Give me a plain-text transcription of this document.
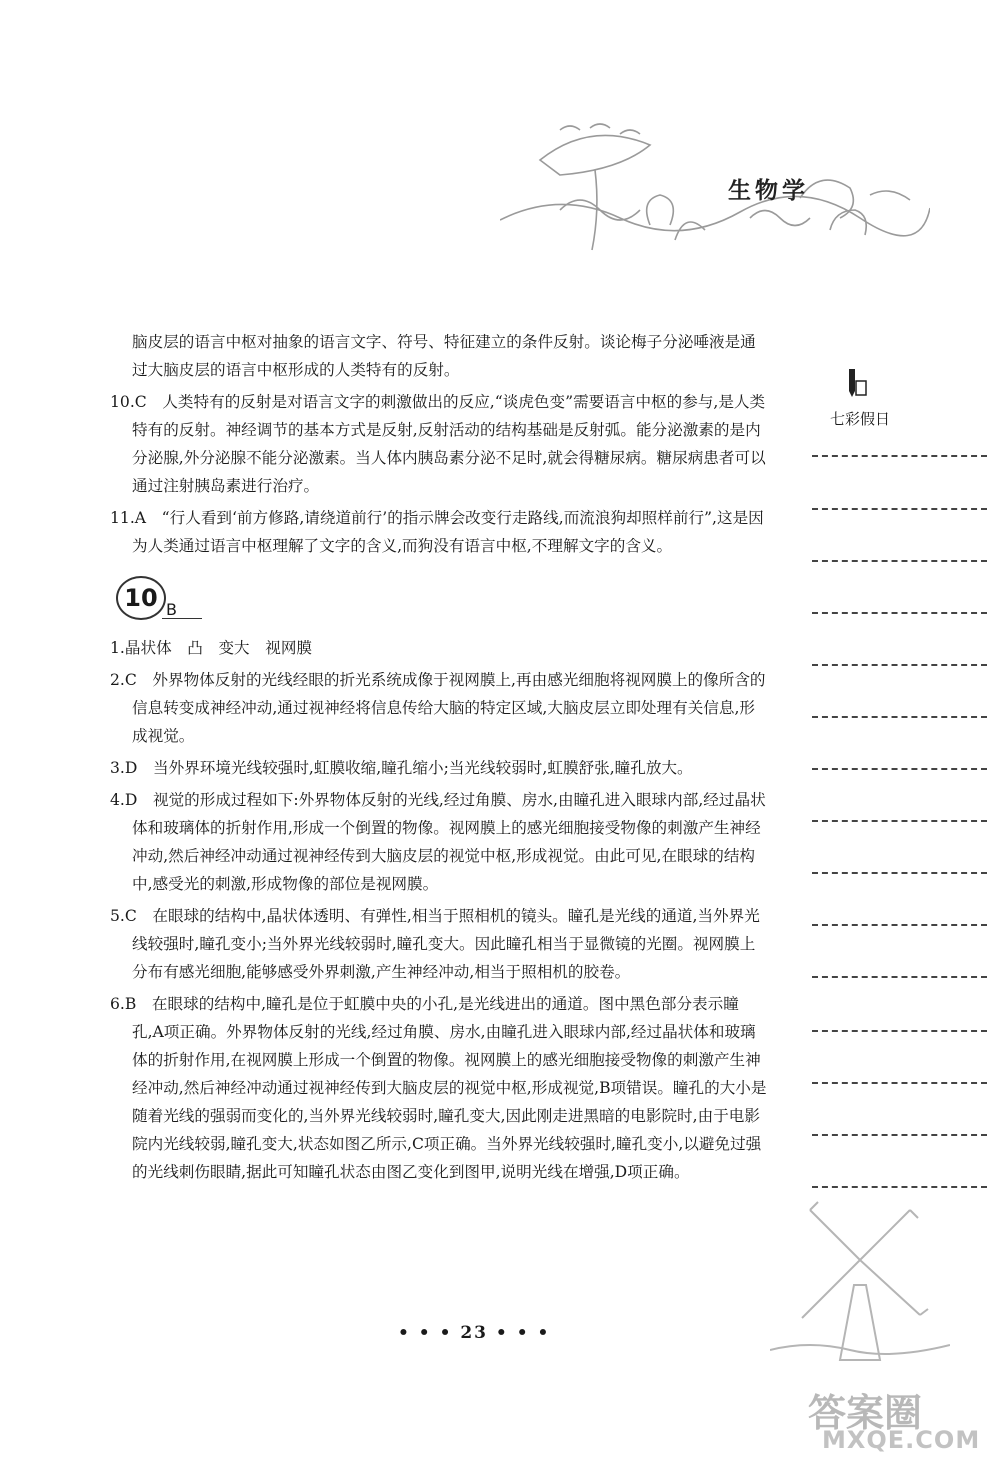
生物学

脑皮层的语言中枢对抽象的语言文字、符号、特征建立的条件反射。谈论梅子分泌唾液是通过大脑皮层的语言中枢形成的人类特有的反射。

10.C　人类特有的反射是对语言文字的刺激做出的反应,“谈虎色变”需要语言中枢的参与,是人类特有的反射。神经调节的基本方式是反射,反射活动的结构基础是反射弧。能分泌激素的是内分泌腺,外分泌腺不能分泌激素。当人体内胰岛素分泌不足时,就会得糖尿病。糖尿病患者可以通过注射胰岛素进行治疗。

11.A　“行人看到‘前方修路,请绕道前行’的指示牌会改变行走路线,而流浪狗却照样前行”,这是因为人类通过语言中枢理解了文字的含义,而狗没有语言中枢,不理解文字的含义。

10 B

1.晶状体　凸　变大　视网膜

2.C　外界物体反射的光线经眼的折光系统成像于视网膜上,再由感光细胞将视网膜上的像所含的信息转变成神经冲动,通过视神经将信息传给大脑的特定区域,大脑皮层立即处理有关信息,形成视觉。

3.D　当外界环境光线较强时,虹膜收缩,瞳孔缩小;当光线较弱时,虹膜舒张,瞳孔放大。

4.D　视觉的形成过程如下:外界物体反射的光线,经过角膜、房水,由瞳孔进入眼球内部,经过晶状体和玻璃体的折射作用,形成一个倒置的物像。视网膜上的感光细胞接受物像的刺激产生神经冲动,然后神经冲动通过视神经传到大脑皮层的视觉中枢,形成视觉。由此可见,在眼球的结构中,感受光的刺激,形成物像的部位是视网膜。

5.C　在眼球的结构中,晶状体透明、有弹性,相当于照相机的镜头。瞳孔是光线的通道,当外界光线较强时,瞳孔变小;当外界光线较弱时,瞳孔变大。因此瞳孔相当于显微镜的光圈。视网膜上分布有感光细胞,能够感受外界刺激,产生神经冲动,相当于照相机的胶卷。

6.B　在眼球的结构中,瞳孔是位于虹膜中央的小孔,是光线进出的通道。图中黑色部分表示瞳孔,A项正确。外界物体反射的光线,经过角膜、房水,由瞳孔进入眼球内部,经过晶状体和玻璃体的折射作用,在视网膜上形成一个倒置的物像。视网膜上的感光细胞接受物像的刺激产生神经冲动,然后神经冲动通过视神经传到大脑皮层的视觉中枢,形成视觉,B项错误。瞳孔的大小是随着光线的强弱而变化的,当外界光线较弱时,瞳孔变大,因此刚走进黑暗的电影院时,由于电影院内光线较弱,瞳孔变大,状态如图乙所示,C项正确。当外界光线较强时,瞳孔变小,以避免过强的光线刺伤眼睛,据此可知瞳孔状态由图乙变化到图甲,说明光线在增强,D项正确。

七彩假日
• • • 23 • • •
答案圈
MXQE.COM
